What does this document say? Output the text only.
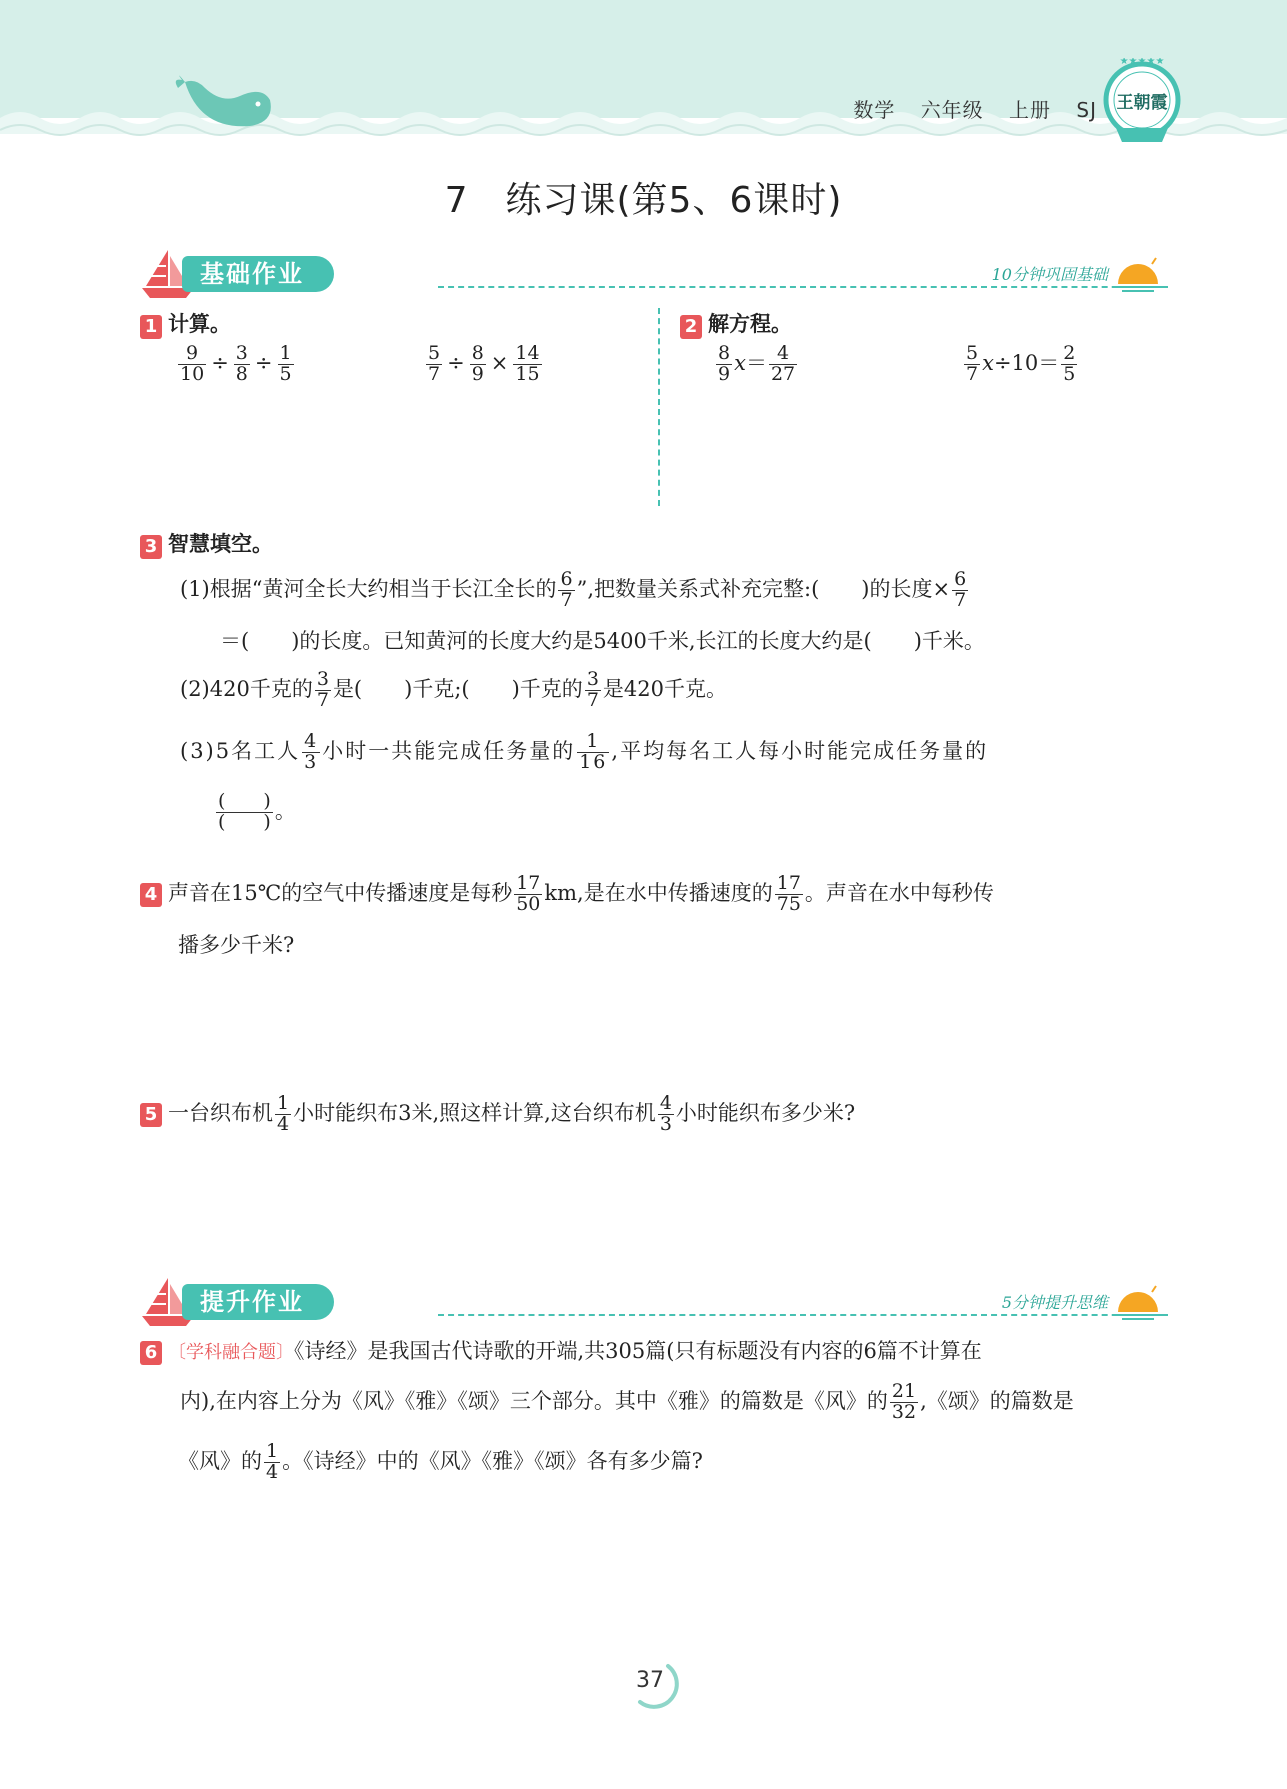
数学 六年级 上册 SJ
★★★★★
王朝霞
7　练习课(第5、6课时)
基础作业	10分钟巩固基础
1 计算。
$\frac{9}{10} \div \frac{3}{8} \div \frac{1}{5}$	$\frac{5}{7} \div \frac{8}{9} \times \frac{14}{15}$
2 解方程。
$\frac{8}{9} x= \frac{4}{27}$	$\frac{5}{7} x\div 10= \frac{2}{5}$
3 智慧填空。
(1)根据“黄河全长大约相当于长江全长的 $\frac{6}{7}$ ”,把数量关系式补充完整:( )的长度× $\frac{6}{7}$
＝( )的长度。已知黄河的长度大约是5400千米,长江的长度大约是( )千米。
(2)420千克的 $\frac{3}{7}$ 是( )千克;( )千克的 $\frac{3}{7}$ 是420千克。
(3)5名工人 $\frac{4}{3}$ 小时一共能完成任务量的 $\frac{1}{16}$ ,平均每名工人每小时能完成任务量的
$\frac{( )}{( )}$ 。
4 声音在15℃的空气中传播速度是每秒 $\frac{17}{50}$ km,是在水中传播速度的 $\frac{17}{75}$ 。声音在水中每秒传
播多少千米?
5 一台织布机 $\frac{1}{4}$ 小时能织布3米,照这样计算,这台织布机 $\frac{4}{3}$ 小时能织布多少米?
提升作业	5分钟提升思维
6 〔学科融合题〕《诗经》是我国古代诗歌的开端,共305篇(只有标题没有内容的6篇不计算在
内),在内容上分为《风》《雅》《颂》三个部分。其中《雅》的篇数是《风》的 $\frac{21}{32}$ ,《颂》的篇数是
《风》的 $\frac{1}{4}$ 。《诗经》中的《风》《雅》《颂》各有多少篇?
37
